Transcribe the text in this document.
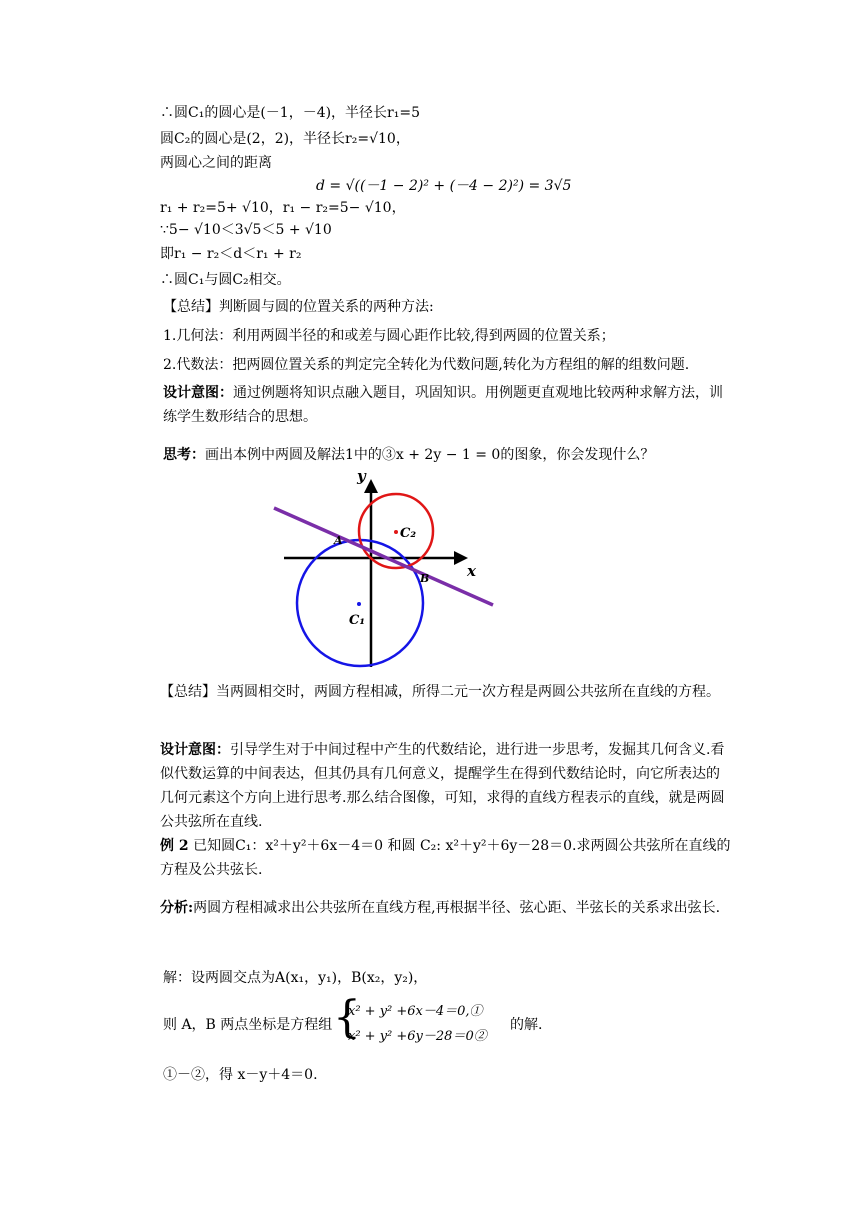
∴圆C₁的圆心是(－1，－4)，半径长r₁=5
圆C₂的圆心是(2，2)，半径长r₂=√10，
两圆心之间的距离
d = √((－1 − 2)² + (－4 − 2)²) = 3√5
r₁ + r₂=5+ √10，r₁ − r₂=5− √10，
∵5− √10＜3√5＜5 + √10
即r₁ − r₂＜d＜r₁ + r₂
∴圆C₁与圆C₂相交。
【总结】判断圆与圆的位置关系的两种方法:
1.几何法：利用两圆半径的和或差与圆心距作比较,得到两圆的位置关系；
2.代数法：把两圆位置关系的判定完全转化为代数问题,转化为方程组的解的组数问题.
设计意图：通过例题将知识点融入题目，巩固知识。用例题更直观地比较两种求解方法，训练学生数形结合的思想。
思考：画出本例中两圆及解法1中的③x + 2y − 1 = 0的图象，你会发现什么？
y
x
A
B
C₁
C₂
【总结】当两圆相交时，两圆方程相减，所得二元一次方程是两圆公共弦所在直线的方程。
设计意图：引导学生对于中间过程中产生的代数结论，进行进一步思考，发掘其几何含义.看似代数运算的中间表达，但其仍具有几何意义，提醒学生在得到代数结论时，向它所表达的几何元素这个方向上进行思考.那么结合图像，可知，求得的直线方程表示的直线，就是两圆公共弦所在直线.
例 2 已知圆C₁：x²＋y²＋6x－4＝0 和圆 C₂: x²＋y²＋6y－28＝0.求两圆公共弦所在直线的方程及公共弦长.
分析:两圆方程相减求出公共弦所在直线方程,再根据半径、弦心距、半弦长的关系求出弦长.
解：设两圆交点为A(x₁，y₁)，B(x₂，y₂)，
则 A，B 两点坐标是方程组 {
x² + y² +6x－4＝0,①
x² + y² +6y－28＝0②
的解.
①－②，得 x－y＋4＝0.
